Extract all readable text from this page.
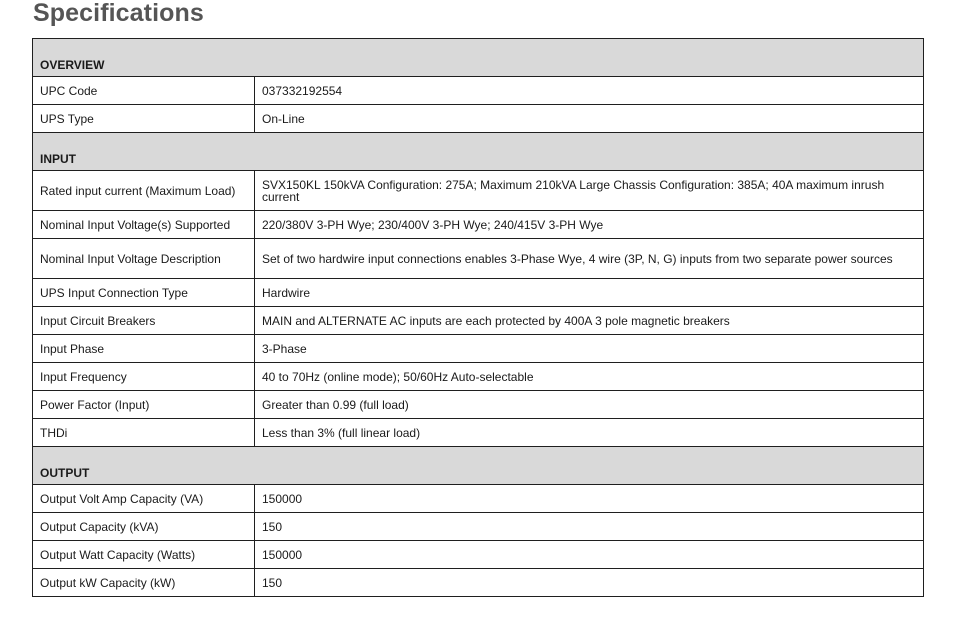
Specifications
OVERVIEW	
UPC Code	037332192554
UPS Type	On-Line
INPUT	
Rated input current (Maximum Load)	SVX150KL 150kVA Configuration: 275A; Maximum 210kVA Large Chassis Configuration: 385A; 40A maximum inrush current
Nominal Input Voltage(s) Supported	220/380V 3-PH Wye; 230/400V 3-PH Wye; 240/415V 3-PH Wye
Nominal Input Voltage Description	Set of two hardwire input connections enables 3-Phase Wye, 4 wire (3P, N, G) inputs from two separate power sources
UPS Input Connection Type	Hardwire
Input Circuit Breakers	MAIN and ALTERNATE AC inputs are each protected by 400A 3 pole magnetic breakers
Input Phase	3-Phase
Input Frequency	40 to 70Hz (online mode); 50/60Hz Auto-selectable
Power Factor (Input)	Greater than 0.99 (full load)
THDi	Less than 3% (full linear load)
OUTPUT	
Output Volt Amp Capacity (VA)	150000
Output Capacity (kVA)	150
Output Watt Capacity (Watts)	150000
Output kW Capacity (kW)	150
